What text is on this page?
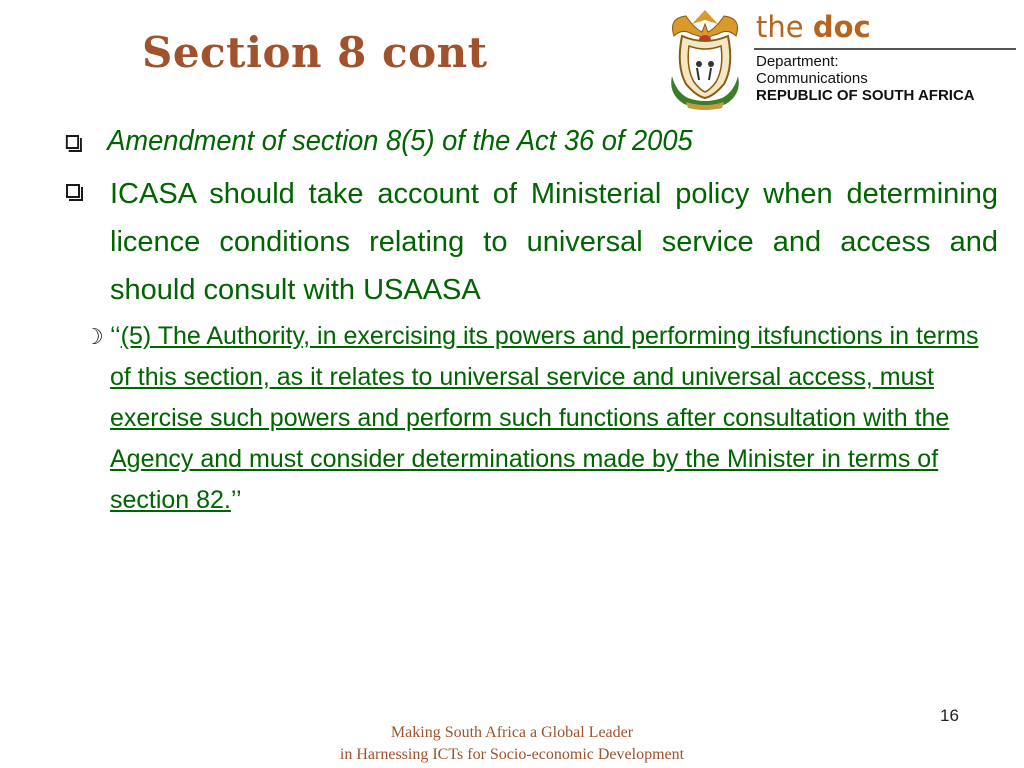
Section 8 cont
the doc
Department:
Communications
REPUBLIC OF SOUTH AFRICA
Amendment of section 8(5) of the Act 36 of 2005
ICASA should take account of Ministerial policy when determining licence conditions relating to universal service and access and should consult with USAASA
☽ ‘‘(5) The Authority, in exercising its powers and performing itsfunctions in terms of this section, as it relates to universal service and universal access, must exercise such powers and perform such functions after consultation with the Agency and must consider determinations made by the Minister in terms of section 82.’’
16
Making South Africa a Global Leader
in Harnessing ICTs for Socio-economic Development
